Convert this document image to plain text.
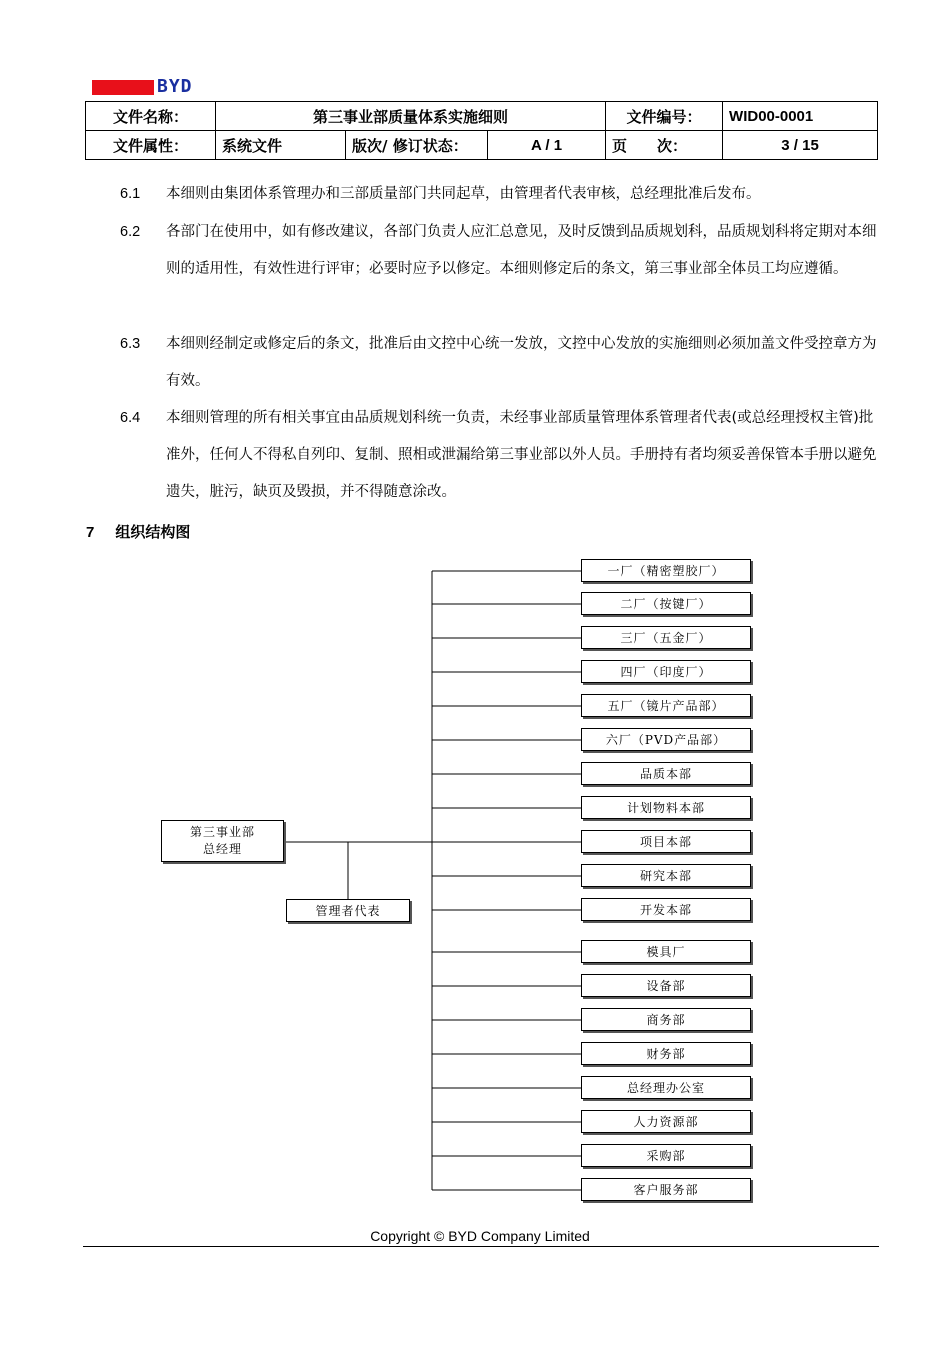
BYD
文件名称：	第三事业部质量体系实施细则			文件编号：	WID00-0001
文件属性：	系统文件	版次/ 修订状态：	A / 1	页　　次：	3 / 15
6.1 本细则由集团体系管理办和三部质量部门共同起草，由管理者代表审核，总经理批准后发布。
6.2 各部门在使用中，如有修改建议，各部门负责人应汇总意见，及时反馈到品质规划科，品质规划科将定期对本细则的适用性，有效性进行评审；必要时应予以修定。本细则修定后的条文，第三事业部全体员工均应遵循。
6.3 本细则经制定或修定后的条文，批准后由文控中心统一发放，文控中心发放的实施细则必须加盖文件受控章方为有效。
6.4 本细则管理的所有相关事宜由品质规划科统一负责，未经事业部质量管理体系管理者代表(或总经理授权主管)批准外，任何人不得私自列印、复制、照相或泄漏给第三事业部以外人员。手册持有者均须妥善保管本手册以避免遗失，脏污，缺页及毁损，并不得随意涂改。
7 组织结构图
第三事业部
总经理
管理者代表
一厂（精密塑胶厂）
二厂（按键厂）
三厂（五金厂）
四厂（印度厂）
五厂（镜片产品部）
六厂（PVD产品部）
品质本部
计划物料本部
项目本部
研究本部
开发本部
模具厂
设备部
商务部
财务部
总经理办公室
人力资源部
采购部
客户服务部
Copyright © BYD Company Limited
